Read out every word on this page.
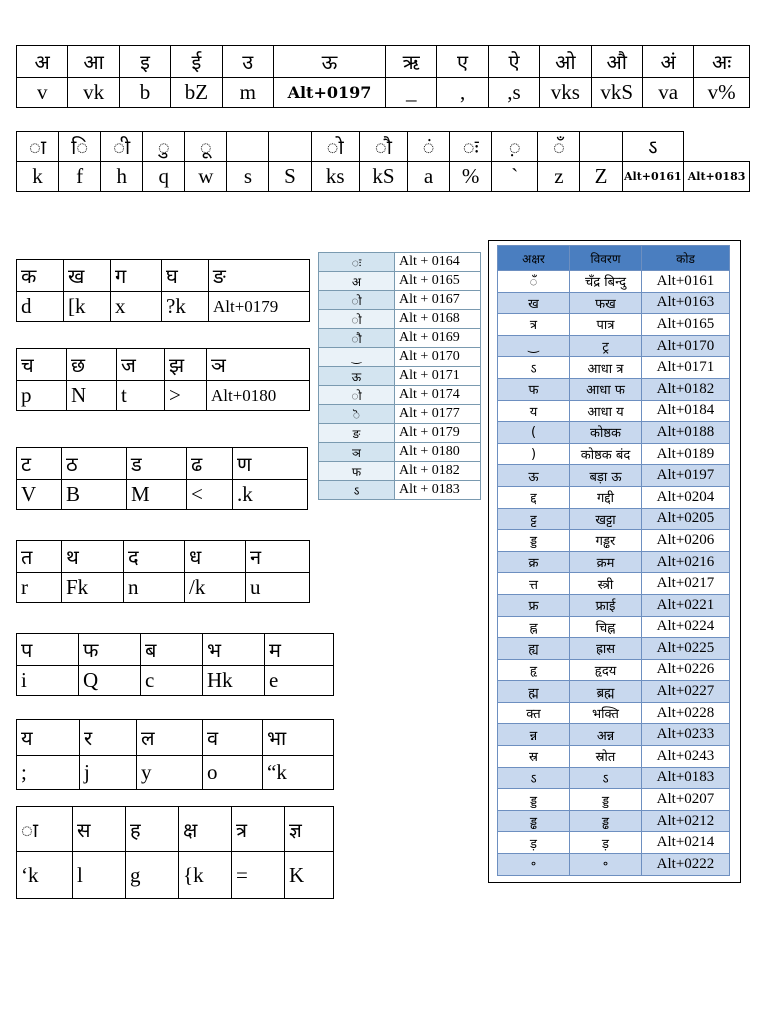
अ	आ	इ	ई	उ	ऊ	ऋ	ए	ऐ	ओ	औ	अं	अः
v	vk	b	bZ	m	Alt+0197	_	,	,s	vks	vkS	va	v%
ा	ि	ी	ु	ू			ो	ौ	ं	ः	़	ँ		ऽ	
k	f	h	q	w	s	S	ks	kS	a	%	`	z	Z	Alt+0161	Alt+0183
क	ख	ग	घ	ङ
d	[k	x	?k	Alt+0179
च	छ	ज	झ	ञ
p	N	t	>	Alt+0180
ट	ठ	ड	ढ	ण
V	B	M	<	.k
त	थ	द	ध	न
r	Fk	n	/k	u
प	फ	ब	भ	म
i	Q	c	Hk	e
य	र	ल	व	भा
;	j	y	o	“k
ा	स	ह	क्ष	त्र	ज्ञ
‘k	l	g	{k	=	K
ः	Alt + 0164
अ	Alt + 0165
ो	Alt + 0167
ो	Alt + 0168
ौ	Alt + 0169
‿	Alt + 0170
ऊ	Alt + 0171
ो	Alt + 0174
ॆ	Alt + 0177
ङ	Alt + 0179
ञ	Alt + 0180
फ	Alt + 0182
ऽ	Alt + 0183
अक्षर	विवरण	कोड
ँ	चँद्र बिन्दु	Alt+0161
ख	फख	Alt+0163
त्र	पात्र	Alt+0165
‿	ट्र	Alt+0170
ऽ	आधा त्र	Alt+0171
फ	आधा फ	Alt+0182
य	आधा य	Alt+0184
(	कोष्ठक	Alt+0188
)	कोष्ठक बंद	Alt+0189
ऊ	बड़ा ऊ	Alt+0197
द्द	गद्दी	Alt+0204
ट्ट	खट्टा	Alt+0205
ड्ड	गड्ढर	Alt+0206
क्र	क्रम	Alt+0216
त्त	स्त्री	Alt+0217
फ्र	फ्राई	Alt+0221
ह्न	चिह्न	Alt+0224
ह्य	ह्रास	Alt+0225
हृ	हृदय	Alt+0226
ह्म	ब्रह्म	Alt+0227
क्त	भक्ति	Alt+0228
न्न	अन्न	Alt+0233
स्र	स्रोत	Alt+0243
ऽ	ऽ	Alt+0183
ड्ड	ड्ड	Alt+0207
ड्ढ	ड्ढ	Alt+0212
ड़	ड़	Alt+0214
॰	॰	Alt+0222
